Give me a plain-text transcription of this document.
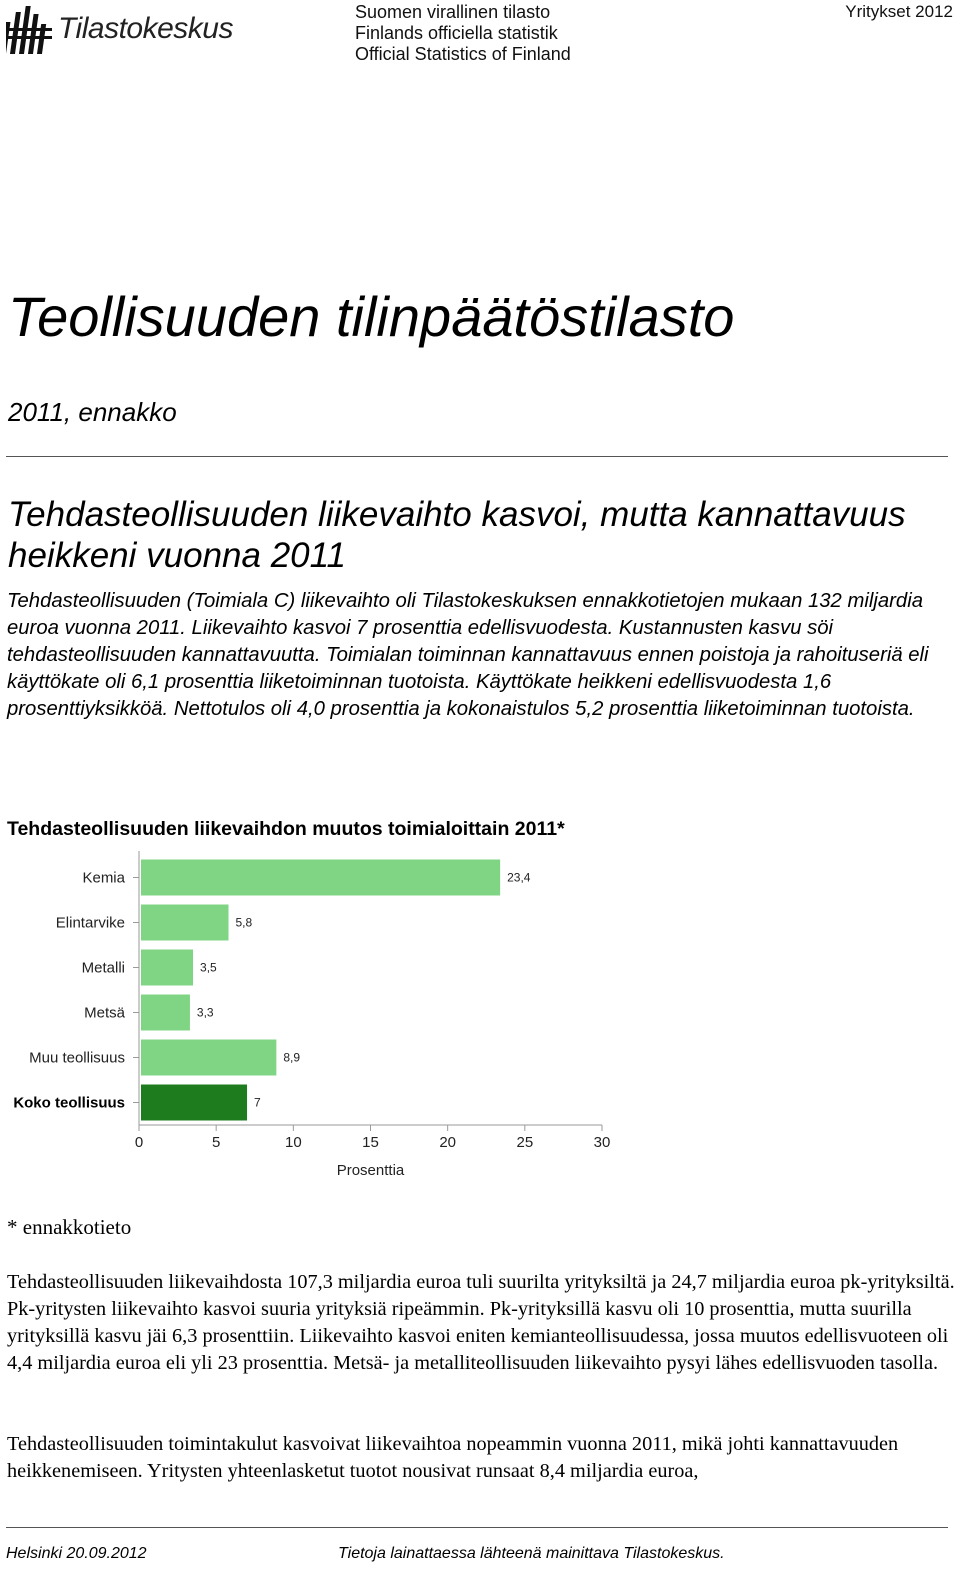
Tilastokeskus	Suomen virallinen tilasto
Finlands officiella statistik
Official Statistics of Finland
Yritykset 2012
Teollisuuden tilinpäätöstilasto
2011, ennakko
Tehdasteollisuuden liikevaihto kasvoi, mutta kannattavuus heikkeni vuonna 2011

Tehdasteollisuuden (Toimiala C) liikevaihto oli Tilastokeskuksen ennakkotietojen mukaan 132 miljardia euroa vuonna 2011. Liikevaihto kasvoi 7 prosenttia edellisvuodesta. Kustannusten kasvu söi tehdasteollisuuden kannattavuutta. Toimialan toiminnan kannattavuus ennen poistoja ja rahoituseriä eli käyttökate oli 6,1 prosenttia liiketoiminnan tuotoista. Käyttökate heikkeni edellisvuodesta 1,6 prosenttiyksikköä. Nettotulos oli 4,0 prosenttia ja kokonaistulos 5,2 prosenttia liiketoiminnan tuotoista.

Tehdasteollisuuden liikevaihdon muutos toimialoittain 2011*
Kemia	23,4
Elintarvike	5,8
Metalli	3,5
Metsä	3,3
Muu teollisuus	8,9
Koko teollisuus	7
0	5	10	15	20	25	30
Prosenttia
* ennakkotieto

Tehdasteollisuuden liikevaihdosta 107,3 miljardia euroa tuli suurilta yrityksiltä ja 24,7 miljardia euroa pk-yrityksiltä. Pk-yritysten liikevaihto kasvoi suuria yrityksiä ripeämmin. Pk-yrityksillä kasvu oli 10 prosenttia, mutta suurilla yrityksillä kasvu jäi 6,3 prosenttiin. Liikevaihto kasvoi eniten kemianteollisuudessa, jossa muutos edellisvuoteen oli 4,4 miljardia euroa eli yli 23 prosenttia. Metsä- ja metalliteollisuuden liikevaihto pysyi lähes edellisvuoden tasolla.

Tehdasteollisuuden toimintakulut kasvoivat liikevaihtoa nopeammin vuonna 2011, mikä johti kannattavuuden heikkenemiseen. Yritysten yhteenlasketut tuotot nousivat runsaat 8,4 miljardia euroa,

Helsinki 20.09.2012	Tietoja lainattaessa lähteenä mainittava Tilastokeskus.
